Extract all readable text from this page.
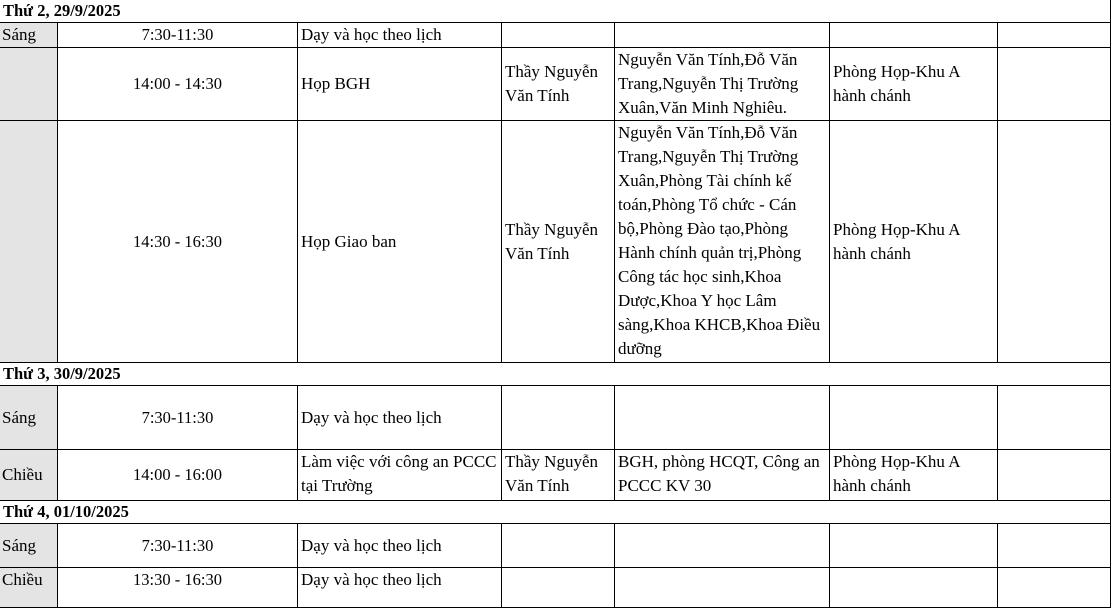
Thứ 2, 29/9/2025						
Sáng	7:30-11:30	Dạy và học theo lịch				
	14:00 - 14:30	Họp BGH	Thầy Nguyễn Văn Tính	Nguyễn Văn Tính,Đỗ Văn Trang,Nguyễn Thị Trường Xuân,Văn Minh Nghiêu.	Phòng Họp-Khu A hành chánh	
	14:30 - 16:30	Họp Giao ban	Thầy Nguyễn Văn Tính	Nguyễn Văn Tính,Đỗ Văn Trang,Nguyễn Thị Trường Xuân,Phòng Tài chính kế toán,Phòng Tổ chức - Cán bộ,Phòng Đào tạo,Phòng Hành chính quản trị,Phòng Công tác học sinh,Khoa Dược,Khoa Y học Lâm sàng,Khoa KHCB,Khoa Điều dưỡng	Phòng Họp-Khu A hành chánh	
Thứ 3, 30/9/2025						
Sáng	7:30-11:30	Dạy và học theo lịch				
Chiều	14:00 - 16:00	Làm việc với công an PCCC tại Trường	Thầy Nguyễn Văn Tính	BGH, phòng HCQT, Công an PCCC KV 30	Phòng Họp-Khu A hành chánh	
Thứ 4, 01/10/2025						
Sáng	7:30-11:30	Dạy và học theo lịch				
Chiều	13:30 - 16:30	Dạy và học theo lịch				
